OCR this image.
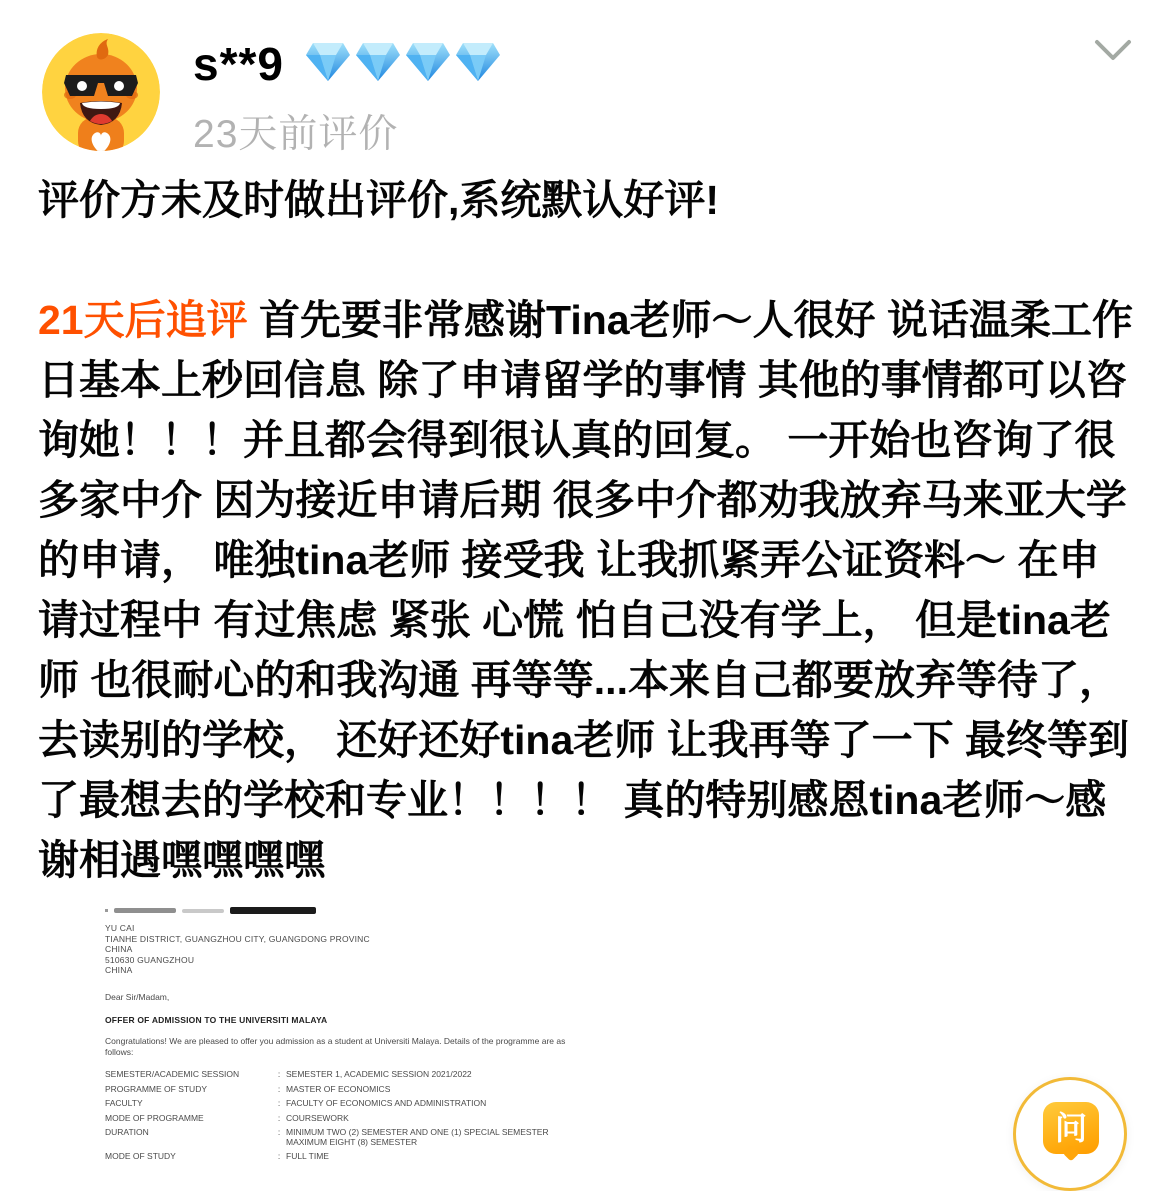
s**9
23天前评价

评价方未及时做出评价,系统默认好评!

21天后追评 首先要非常感谢Tina老师～人很好 说话温柔工作日基本上秒回信息 除了申请留学的事情 其他的事情都可以咨询她！！！并且都会得到很认真的回复。 一开始也咨询了很多家中介 因为接近申请后期 很多中介都劝我放弃马来亚大学的申请， 唯独tina老师 接受我 让我抓紧弄公证资料～ 在申请过程中 有过焦虑 紧张 心慌 怕自己没有学上， 但是tina老师 也很耐心的和我沟通 再等等...本来自己都要放弃等待了， 去读别的学校， 还好还好tina老师 让我再等了一下 最终等到了最想去的学校和专业！！！！ 真的特别感恩tina老师～感谢相遇嘿嘿嘿嘿

YU CAI
TIANHE DISTRICT, GUANGZHOU CITY, GUANGDONG PROVINC
CHINA
510630 GUANGZHOU
CHINA
Dear Sir/Madam,
OFFER OF ADMISSION TO THE UNIVERSITI MALAYA
Congratulations! We are pleased to offer you admission as a student at Universiti Malaya. Details of the programme are as follows:
SEMESTER/ACADEMIC SESSION	: SEMESTER 1, ACADEMIC SESSION 2021/2022
PROGRAMME OF STUDY	: MASTER OF ECONOMICS
FACULTY	: FACULTY OF ECONOMICS AND ADMINISTRATION
MODE OF PROGRAMME	: COURSEWORK
DURATION	: MINIMUM TWO (2) SEMESTER AND ONE (1) SPECIAL SEMESTER MAXIMUM EIGHT (8) SEMESTER
MODE OF STUDY	: FULL TIME
问
